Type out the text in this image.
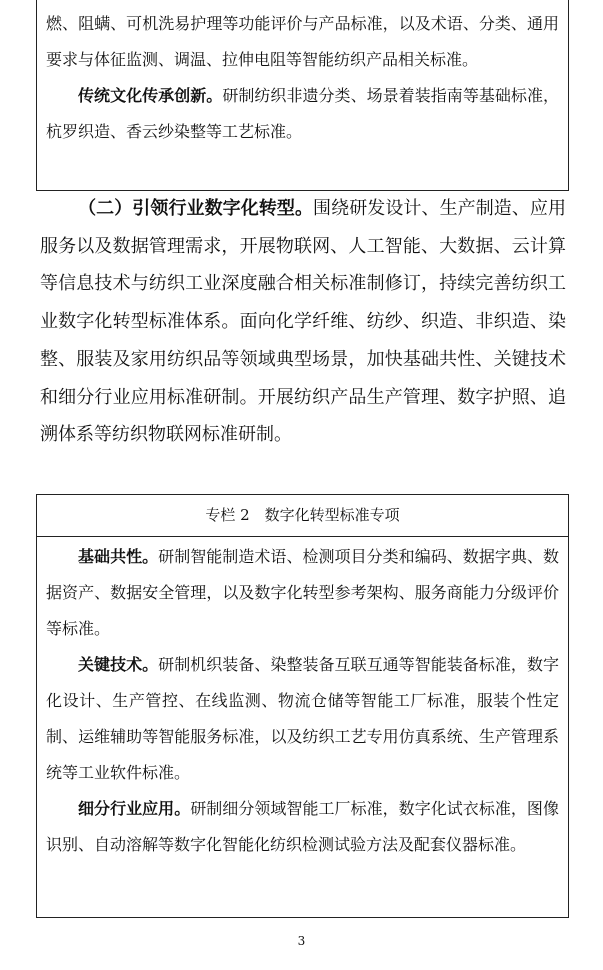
燃、阻螨、可机洗易护理等功能评价与产品标准，以及术语、分类、通用要求与体征监测、调温、拉伸电阻等智能纺织产品相关标准。

传统文化传承创新。研制纺织非遗分类、场景着装指南等基础标准，杭罗织造、香云纱染整等工艺标准。

（二）引领行业数字化转型。围绕研发设计、生产制造、应用服务以及数据管理需求，开展物联网、人工智能、大数据、云计算等信息技术与纺织工业深度融合相关标准制修订，持续完善纺织工业数字化转型标准体系。面向化学纤维、纺纱、织造、非织造、染整、服装及家用纺织品等领域典型场景，加快基础共性、关键技术和细分行业应用标准研制。开展纺织产品生产管理、数字护照、追溯体系等纺织物联网标准研制。

专栏 2　数字化转型标准专项

基础共性。研制智能制造术语、检测项目分类和编码、数据字典、数据资产、数据安全管理，以及数字化转型参考架构、服务商能力分级评价等标准。

关键技术。研制机织装备、染整装备互联互通等智能装备标准，数字化设计、生产管控、在线监测、物流仓储等智能工厂标准，服装个性定制、运维辅助等智能服务标准，以及纺织工艺专用仿真系统、生产管理系统等工业软件标准。

细分行业应用。研制细分领域智能工厂标准，数字化试衣标准，图像识别、自动溶解等数字化智能化纺织检测试验方法及配套仪器标准。

3
